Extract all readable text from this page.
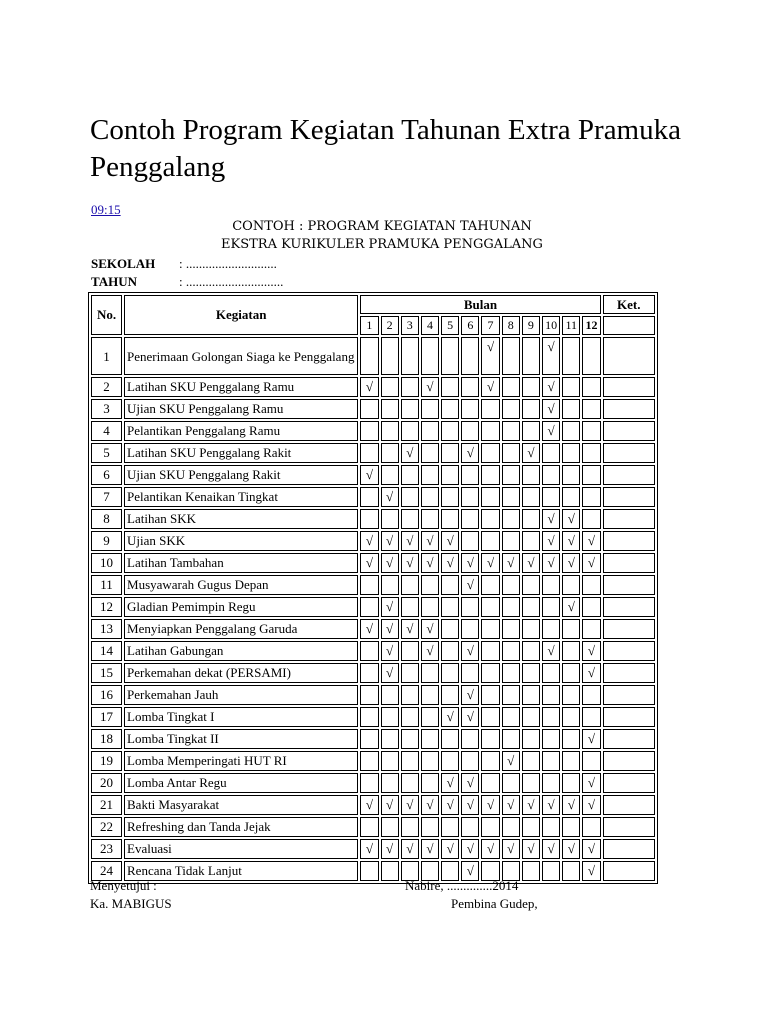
Contoh Program Kegiatan Tahunan Extra Pramuka Penggalang
09:15
CONTOH : PROGRAM KEGIATAN TAHUNAN
EKSTRA KURIKULER PRAMUKA PENGGALANG
SEKOLAH : ............................
TAHUN	: ..............................
No.	Kegiatan	Bulan												Ket.
		1	2	3	4	5	6	7	8	9	10	11	12	
1	Penerimaan Golongan Siaga ke Penggalang							√			√			
2	Latihan SKU Penggalang Ramu	√			√			√			√			
3	Ujian SKU Penggalang Ramu										√			
4	Pelantikan Penggalang Ramu										√			
5	Latihan SKU Penggalang Rakit			√			√			√				
6	Ujian SKU Penggalang Rakit	√												
7	Pelantikan Kenaikan Tingkat		√											
8	Latihan SKK										√	√		
9	Ujian SKK	√	√	√	√	√					√	√	√	
10	Latihan Tambahan	√	√	√	√	√	√	√	√	√	√	√	√	
11	Musyawarah Gugus Depan						√							
12	Gladian Pemimpin Regu		√									√		
13	Menyiapkan Penggalang Garuda	√	√	√	√									
14	Latihan Gabungan		√		√		√				√		√	
15	Perkemahan dekat (PERSAMI)		√										√	
16	Perkemahan Jauh						√							
17	Lomba Tingkat I					√	√							
18	Lomba Tingkat II												√	
19	Lomba Memperingati HUT RI								√					
20	Lomba Antar Regu					√	√						√	
21	Bakti Masyarakat	√	√	√	√	√	√	√	√	√	√	√	√	
22	Refreshing dan Tanda Jejak													
23	Evaluasi	√	√	√	√	√	√	√	√	√	√	√	√	
24	Rencana Tidak Lanjut						√						√	
Menyetujui :	Nabire, ..............2014
Ka. MABIGUS	Pembina Gudep,
